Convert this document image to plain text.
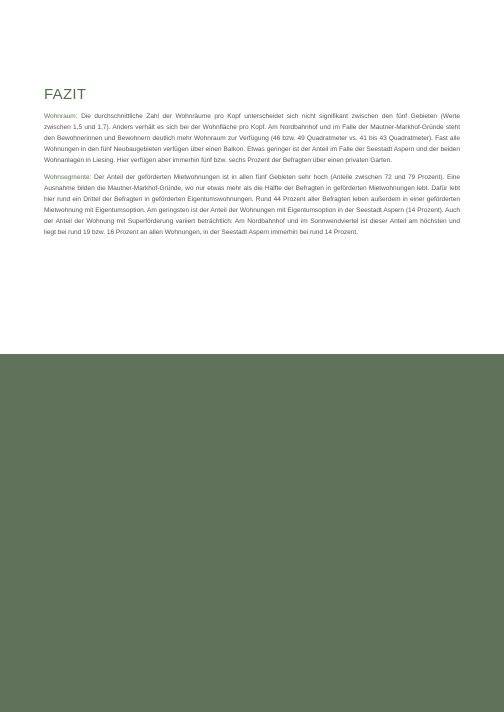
FAZIT

Wohnraum: Die durchschnittliche Zahl der Wohnräume pro Kopf unterscheidet sich nicht signifikant zwischen den fünf Gebieten (Werte zwischen 1,5 und 1,7). Anders verhält es sich bei der Wohnfläche pro Kopf. Am Nordbahnhof und im Falle der Mautner-Markhof-Gründe steht den Bewohnerinnen und Bewohnern deutlich mehr Wohnraum zur Verfügung (46 bzw. 49 Quadratmeter vs. 41 bis 43 Quadratmeter). Fast alle Wohnungen in den fünf Neubaugebieten verfügen über einen Balkon. Etwas geringer ist der Anteil im Falle der Seestadt Aspern und der beiden Wohnanlagen in Liesing. Hier verfügen aber immerhin fünf bzw. sechs Prozent der Befragten über einen privaten Garten.

Wohnsegmente: Der Anteil der geförderten Mietwohnungen ist in allen fünf Gebieten sehr hoch (Anteile zwischen 72 und 79 Prozent). Eine Ausnahme bilden die Mautner-Markhof-Gründe, wo nur etwas mehr als die Hälfte der Befragten in geförderten Mietwohnungen lebt. Dafür lebt hier rund ein Drittel der Befragten in geförderten Eigentumswohnungen. Rund 44 Prozent aller Befragten leben außerdem in einer geförderten Mietwohnung mit Eigentumsoption. Am geringsten ist der Anteil der Wohnungen mit Eigentumsoption in der Seestadt Aspern (14 Prozent). Auch der Anteil der Wohnung mit Superförderung variiert beträchtlich: Am Nordbahnhof und im Sonnwendviertel ist dieser Anteil am höchsten und liegt bei rund 19 bzw. 16 Prozent an allen Wohnungen, in der Seestadt Aspern immerhin bei rund 14 Prozent.
